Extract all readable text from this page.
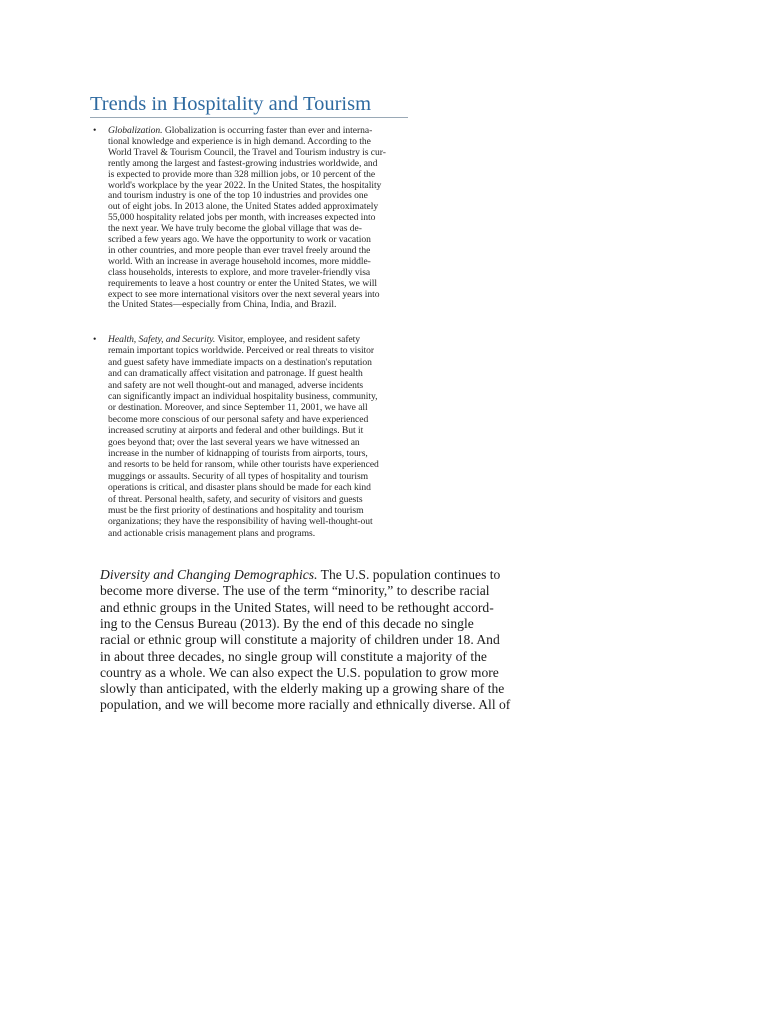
Trends in Hospitality and Tourism
• Globalization. Globalization is occurring faster than ever and interna-
tional knowledge and experience is in high demand. According to the
World Travel & Tourism Council, the Travel and Tourism industry is cur-
rently among the largest and fastest-growing industries worldwide, and
is expected to provide more than 328 million jobs, or 10 percent of the
world's workplace by the year 2022. In the United States, the hospitality
and tourism industry is one of the top 10 industries and provides one
out of eight jobs. In 2013 alone, the United States added approximately
55,000 hospitality related jobs per month, with increases expected into
the next year. We have truly become the global village that was de-
scribed a few years ago. We have the opportunity to work or vacation
in other countries, and more people than ever travel freely around the
world. With an increase in average household incomes, more middle-
class households, interests to explore, and more traveler-friendly visa
requirements to leave a host country or enter the United States, we will
expect to see more international visitors over the next several years into
the United States—especially from China, India, and Brazil.
• Health, Safety, and Security. Visitor, employee, and resident safety
remain important topics worldwide. Perceived or real threats to visitor
and guest safety have immediate impacts on a destination's reputation
and can dramatically affect visitation and patronage. If guest health
and safety are not well thought-out and managed, adverse incidents
can significantly impact an individual hospitality business, community,
or destination. Moreover, and since September 11, 2001, we have all
become more conscious of our personal safety and have experienced
increased scrutiny at airports and federal and other buildings. But it
goes beyond that; over the last several years we have witnessed an
increase in the number of kidnapping of tourists from airports, tours,
and resorts to be held for ransom, while other tourists have experienced
muggings or assaults. Security of all types of hospitality and tourism
operations is critical, and disaster plans should be made for each kind
of threat. Personal health, safety, and security of visitors and guests
must be the first priority of destinations and hospitality and tourism
organizations; they have the responsibility of having well-thought-out
and actionable crisis management plans and programs.
Diversity and Changing Demographics. The U.S. population continues to
become more diverse. The use of the term “minority,” to describe racial
and ethnic groups in the United States, will need to be rethought accord-
ing to the Census Bureau (2013). By the end of this decade no single
racial or ethnic group will constitute a majority of children under 18. And
in about three decades, no single group will constitute a majority of the
country as a whole. We can also expect the U.S. population to grow more
slowly than anticipated, with the elderly making up a growing share of the
population, and we will become more racially and ethnically diverse. All of
